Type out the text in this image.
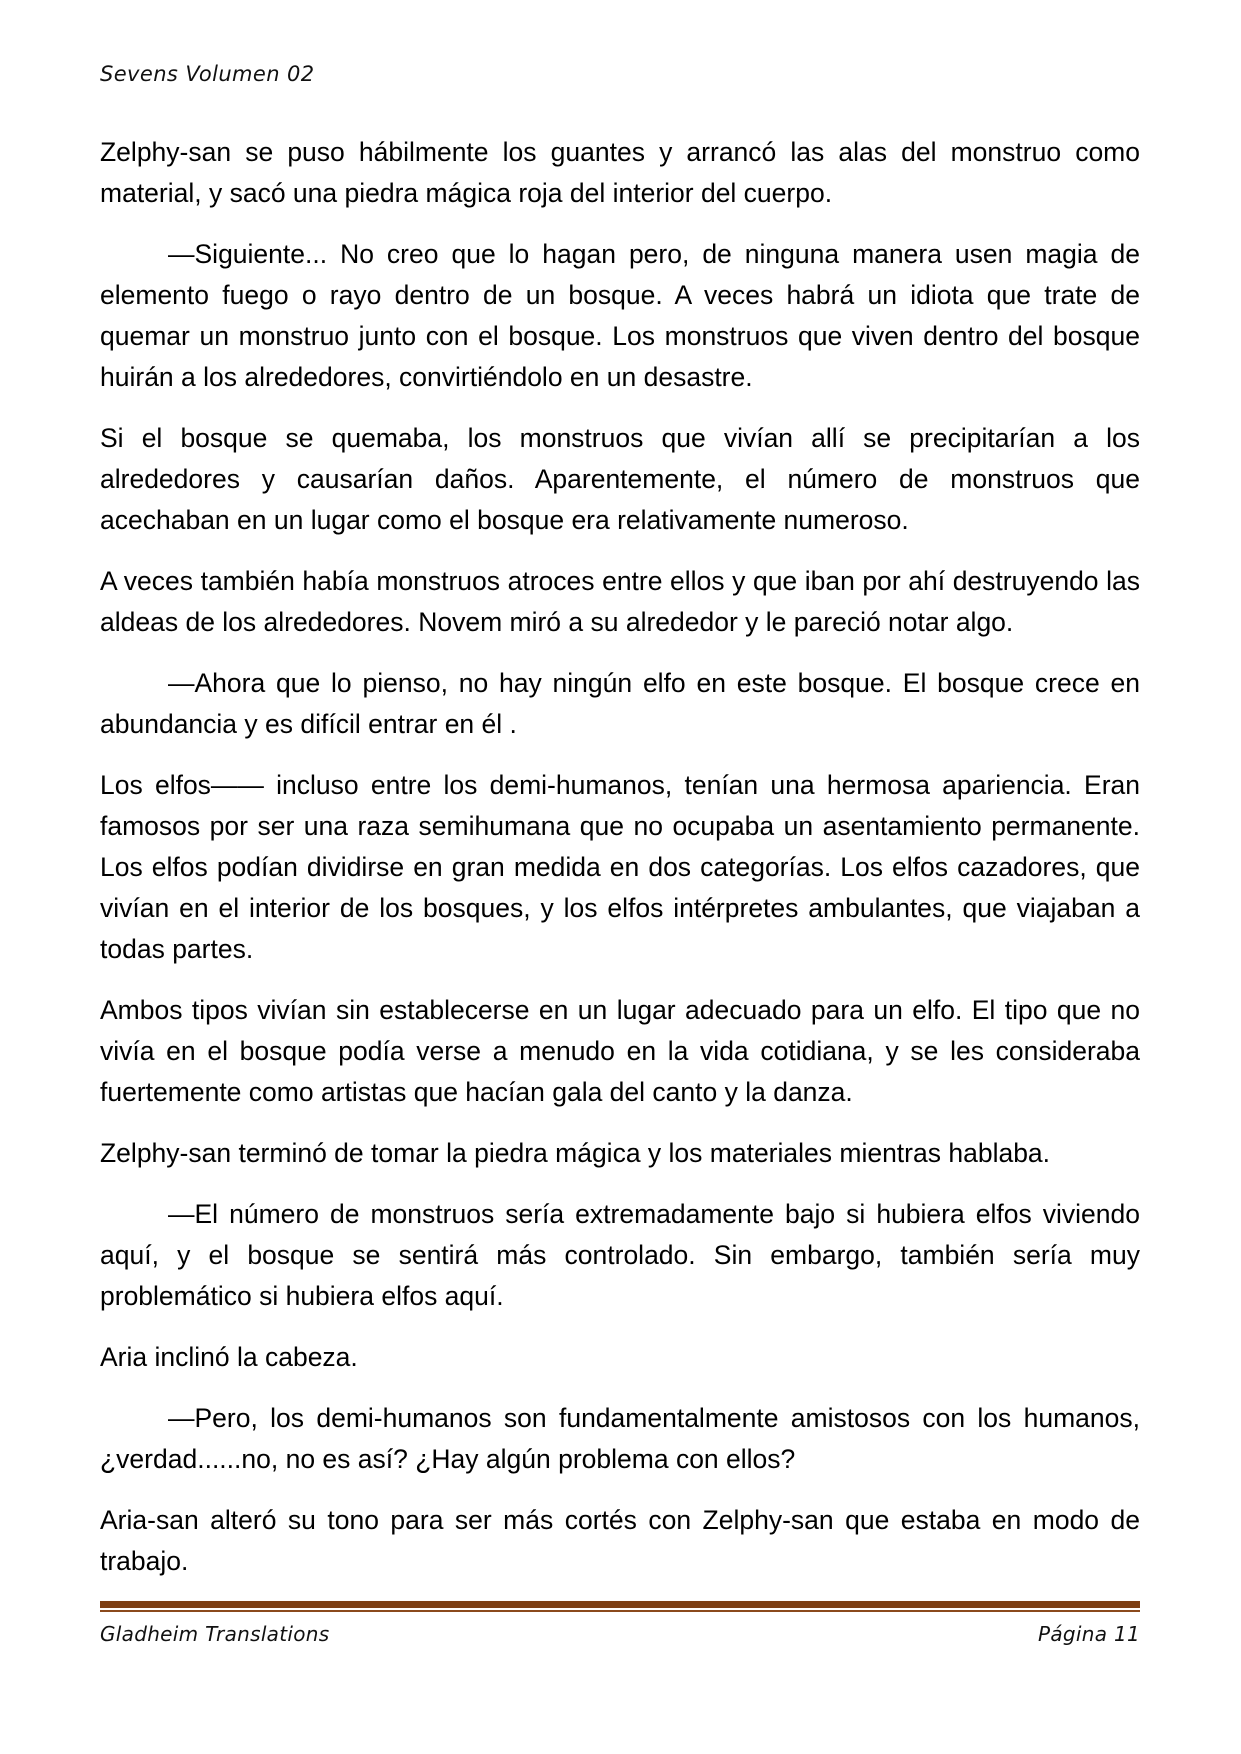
Sevens Volumen 02

Zelphy-san se puso hábilmente los guantes y arrancó las alas del monstruo como material, y sacó una piedra mágica roja del interior del cuerpo.

—Siguiente... No creo que lo hagan pero, de ninguna manera usen magia de elemento fuego o rayo dentro de un bosque. A veces habrá un idiota que trate de quemar un monstruo junto con el bosque. Los monstruos que viven dentro del bosque huirán a los alrededores, convirtiéndolo en un desastre.

Si el bosque se quemaba, los monstruos que vivían allí se precipitarían a los alrededores y causarían daños. Aparentemente, el número de monstruos que acechaban en un lugar como el bosque era relativamente numeroso.

A veces también había monstruos atroces entre ellos y que iban por ahí destruyendo las aldeas de los alrededores. Novem miró a su alrededor y le pareció notar algo.

—Ahora que lo pienso, no hay ningún elfo en este bosque. El bosque crece en abundancia y es difícil entrar en él .

Los elfos—— incluso entre los demi-humanos, tenían una hermosa apariencia. Eran famosos por ser una raza semihumana que no ocupaba un asentamiento permanente. Los elfos podían dividirse en gran medida en dos categorías. Los elfos cazadores, que vivían en el interior de los bosques, y los elfos intérpretes ambulantes, que viajaban a todas partes.

Ambos tipos vivían sin establecerse en un lugar adecuado para un elfo. El tipo que no vivía en el bosque podía verse a menudo en la vida cotidiana, y se les consideraba fuertemente como artistas que hacían gala del canto y la danza.

Zelphy-san terminó de tomar la piedra mágica y los materiales mientras hablaba.

—El número de monstruos sería extremadamente bajo si hubiera elfos viviendo aquí, y el bosque se sentirá más controlado. Sin embargo, también sería muy problemático si hubiera elfos aquí.

Aria inclinó la cabeza.

—Pero, los demi-humanos son fundamentalmente amistosos con los humanos, ¿verdad......no, no es así? ¿Hay algún problema con ellos?

Aria-san alteró su tono para ser más cortés con Zelphy-san que estaba en modo de trabajo.

Gladheim Translations	Página 11
